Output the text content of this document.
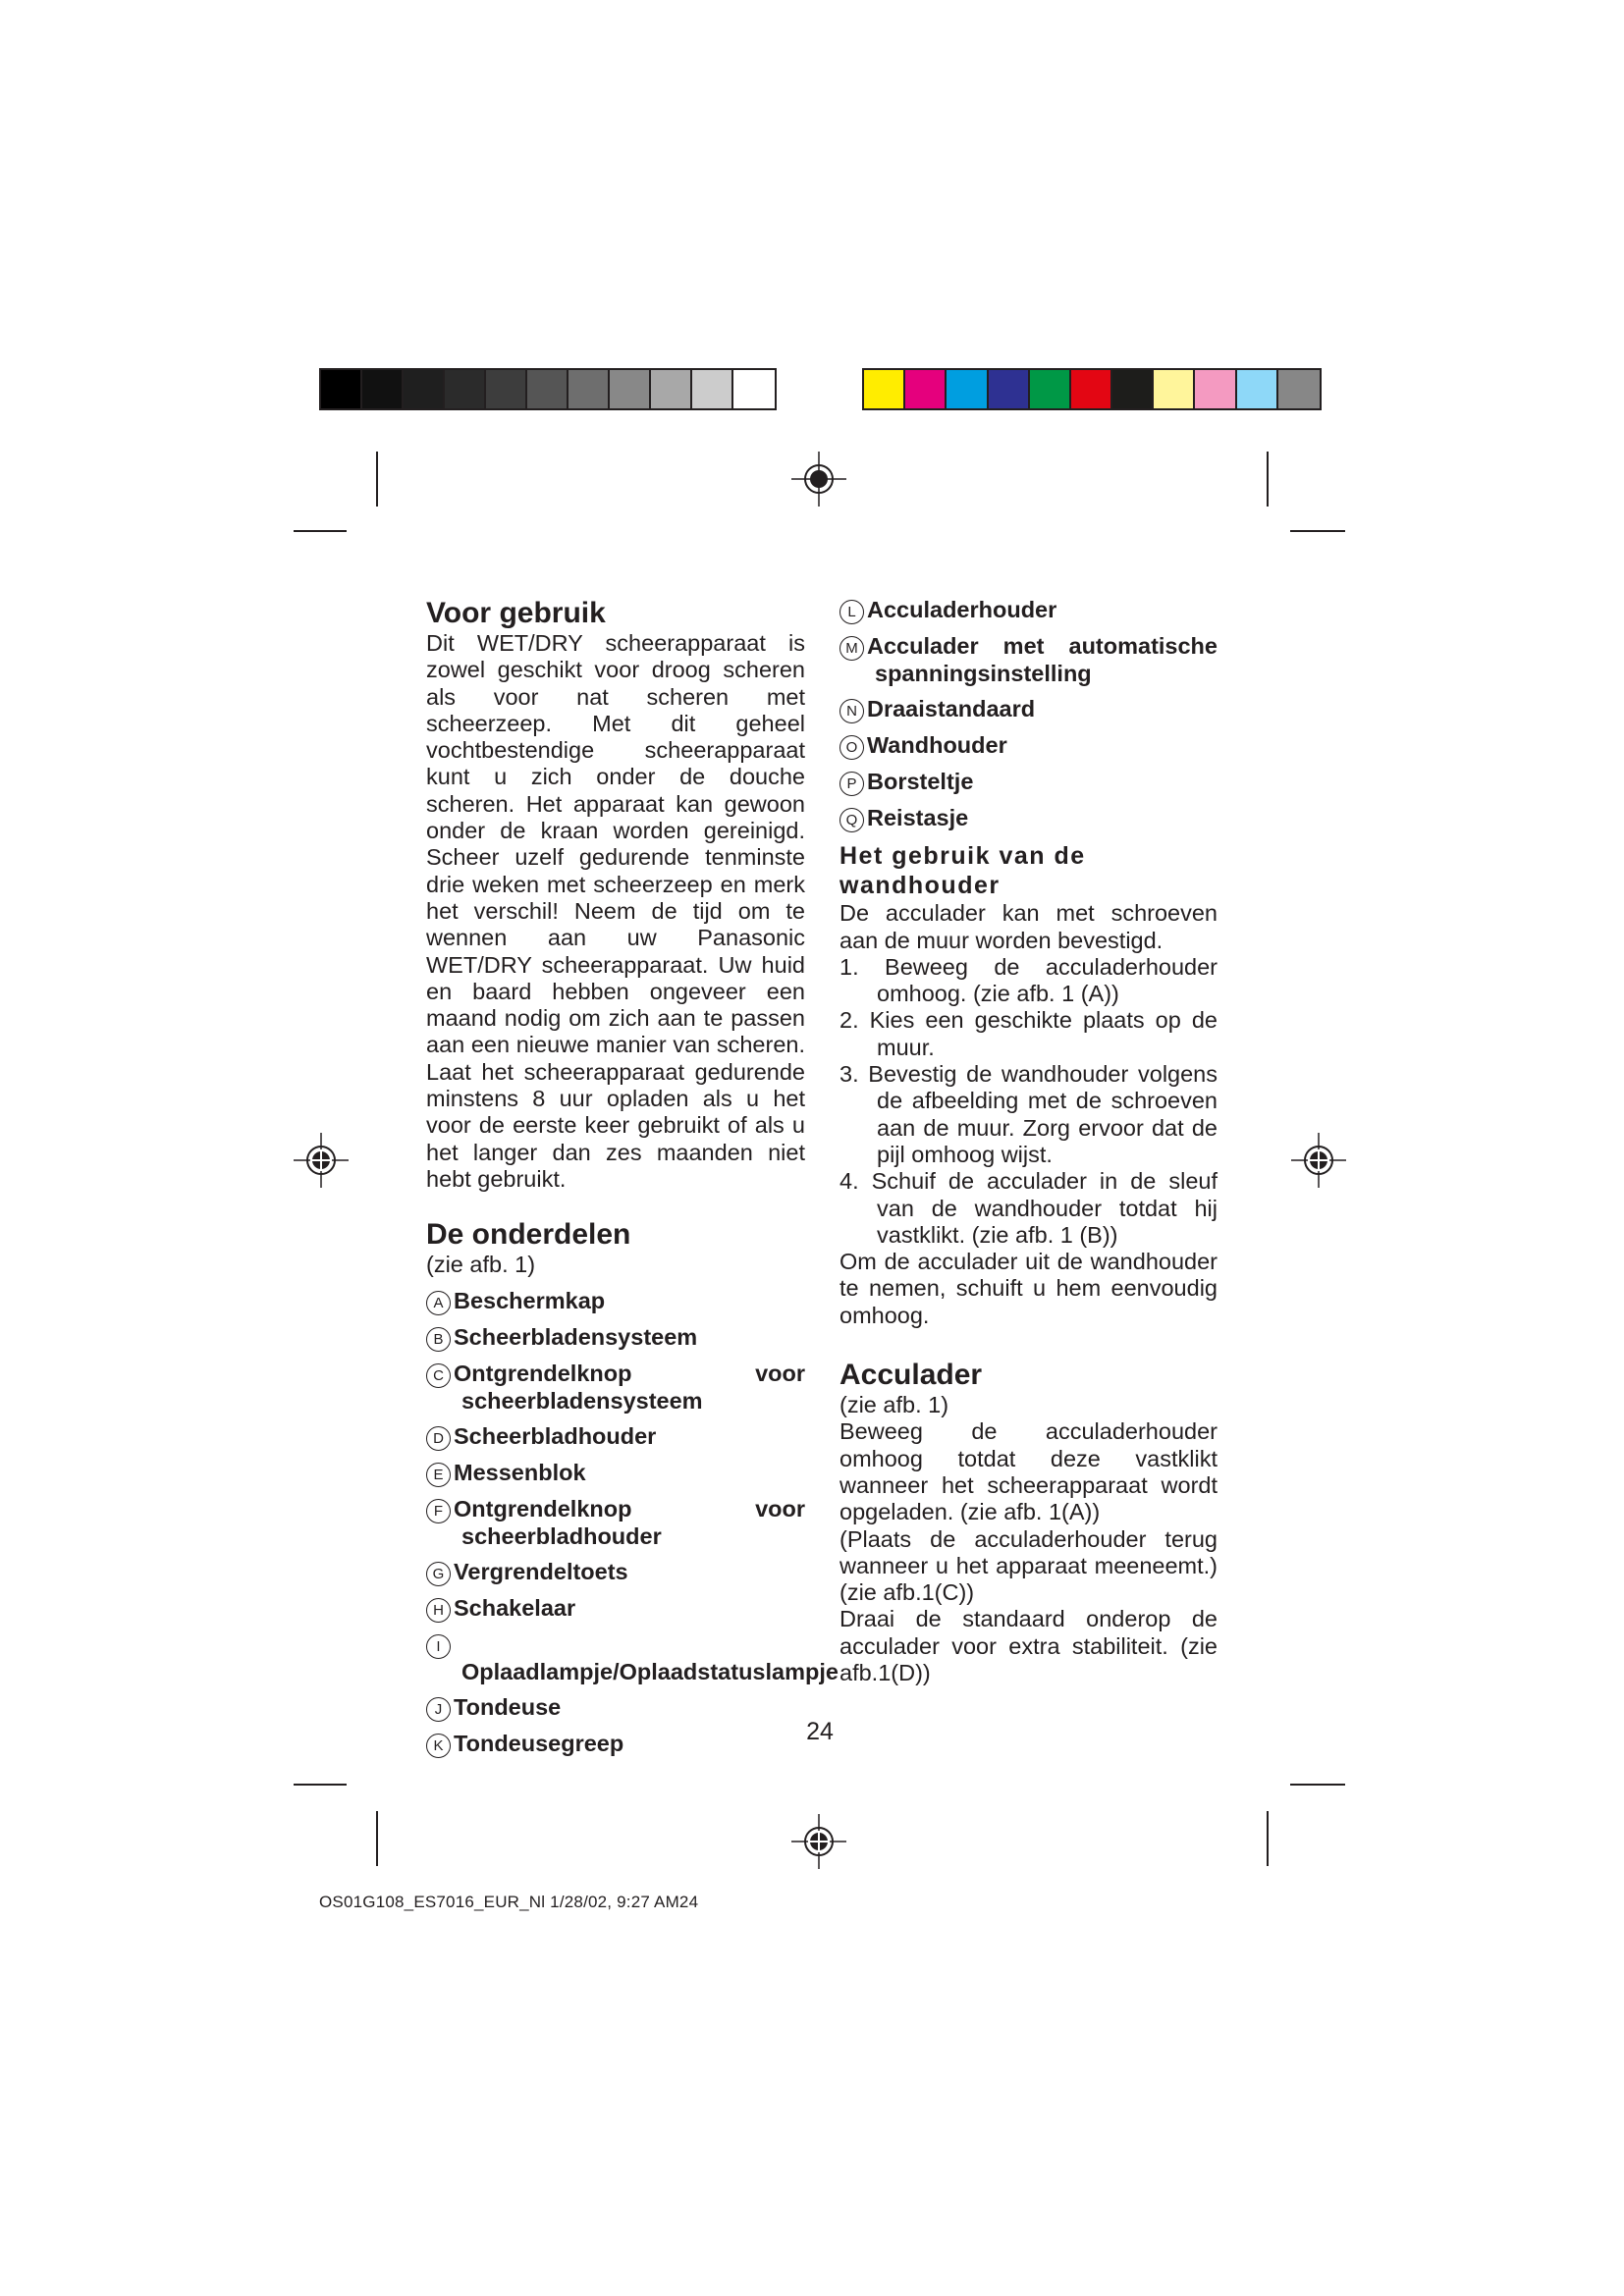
Voor gebruik

Dit WET/DRY scheerapparaat is zowel geschikt voor droog scheren als voor nat scheren met scheerzeep. Met dit geheel vochtbestendige scheerapparaat kunt u zich onder de douche scheren. Het apparaat kan gewoon onder de kraan worden gereinigd. Scheer uzelf gedurende tenminste drie weken met scheerzeep en merk het verschil! Neem de tijd om te wennen aan uw Panasonic WET/DRY scheerapparaat. Uw huid en baard hebben ongeveer een maand nodig om zich aan te passen aan een nieuwe manier van scheren. Laat het scheerapparaat gedurende minstens 8 uur opladen als u het voor de eerste keer gebruikt of als u het langer dan zes maanden niet hebt gebruikt.

De onderdelen
(zie afb. 1)
A Beschermkap
B Scheerbladensysteem
C Ontgrendelknop voor scheerbladensysteem
D Scheerbladhouder
E Messenblok
F Ontgrendelknop voor scheerbladhouder
G Vergrendeltoets
H Schakelaar
IOplaadlampje/Oplaadstatuslampje
J Tondeuse
K Tondeusegreep
L Acculaderhouder
M Acculader met automatische spanningsinstelling
N Draaistandaard
O Wandhouder
P Borsteltje
Q Reistasje
Het gebruik van de wandhouder

De acculader kan met schroeven aan de muur worden bevestigd.

1. Beweeg de acculaderhouder omhoog. (zie afb. 1 (A))
2. Kies een geschikte plaats op de muur.
3. Bevestig de wandhouder volgens de afbeelding met de schroeven aan de muur. Zorg ervoor dat de pijl omhoog wijst.
4. Schuif de acculader in de sleuf van de wandhouder totdat hij vastklikt. (zie afb. 1 (B))

Om de acculader uit de wandhouder te nemen, schuift u hem eenvoudig omhoog.

Acculader
(zie afb. 1)

Beweeg de acculaderhouder omhoog totdat deze vastklikt wanneer het scheerapparaat wordt opgeladen. (zie afb. 1(A))

(Plaats de acculaderhouder terug wanneer u het apparaat meeneemt.) (zie afb.1(C))

Draai de standaard onderop de acculader voor extra stabiliteit. (zie afb.1(D))

24
OS01G108_ES7016_EUR_Nl 1/28/02, 9:27 AM24
